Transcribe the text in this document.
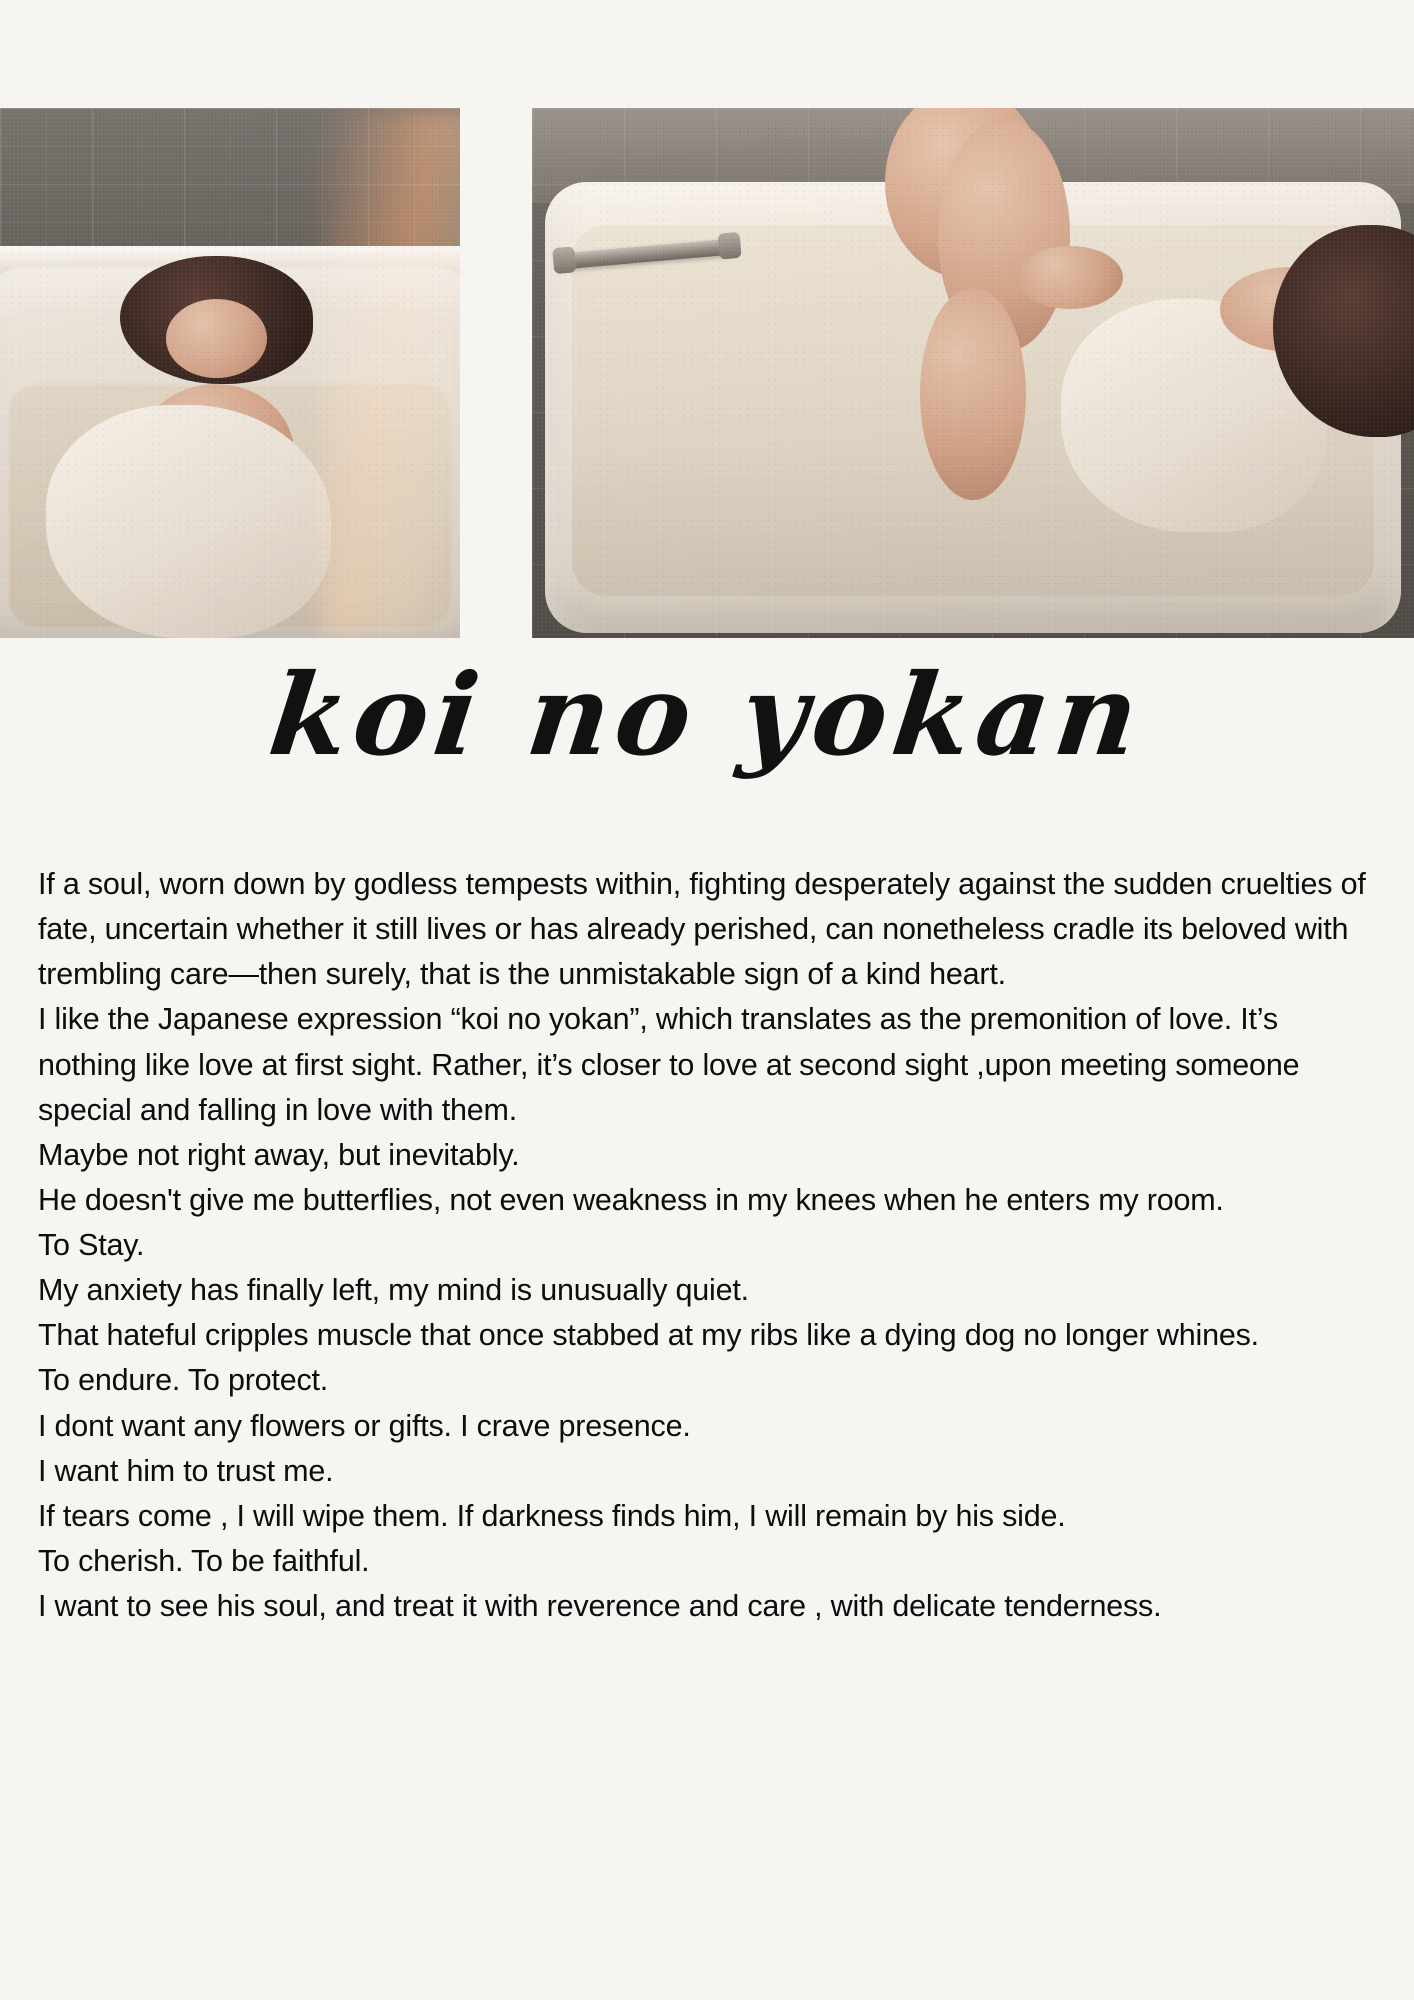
koi no yokan

If a soul, worn down by godless tempests within, fighting desperately against the sudden cruelties of fate, uncertain whether it still lives or has already perished, can nonetheless cradle its beloved with trembling care—then surely, that is the unmistakable sign of a kind heart.

I like the Japanese expression “koi no yokan”, which translates as the premonition of love. It’s nothing like love at first sight. Rather, it’s closer to love at second sight ,upon meeting someone special and falling in love with them.

Maybe not right away, but inevitably.

He doesn't give me butterflies, not even weakness in my knees when he enters my room.

To Stay.

My anxiety has finally left, my mind is unusually quiet.

That hateful cripples muscle that once stabbed at my ribs like a dying dog no longer whines.

To endure. To protect.

I dont want any flowers or gifts. I crave presence.

I want him to trust me.

If tears come , I will wipe them. If darkness finds him, I will remain by his side.

To cherish. To be faithful.

I want to see his soul, and treat it with reverence and care , with delicate tenderness.
